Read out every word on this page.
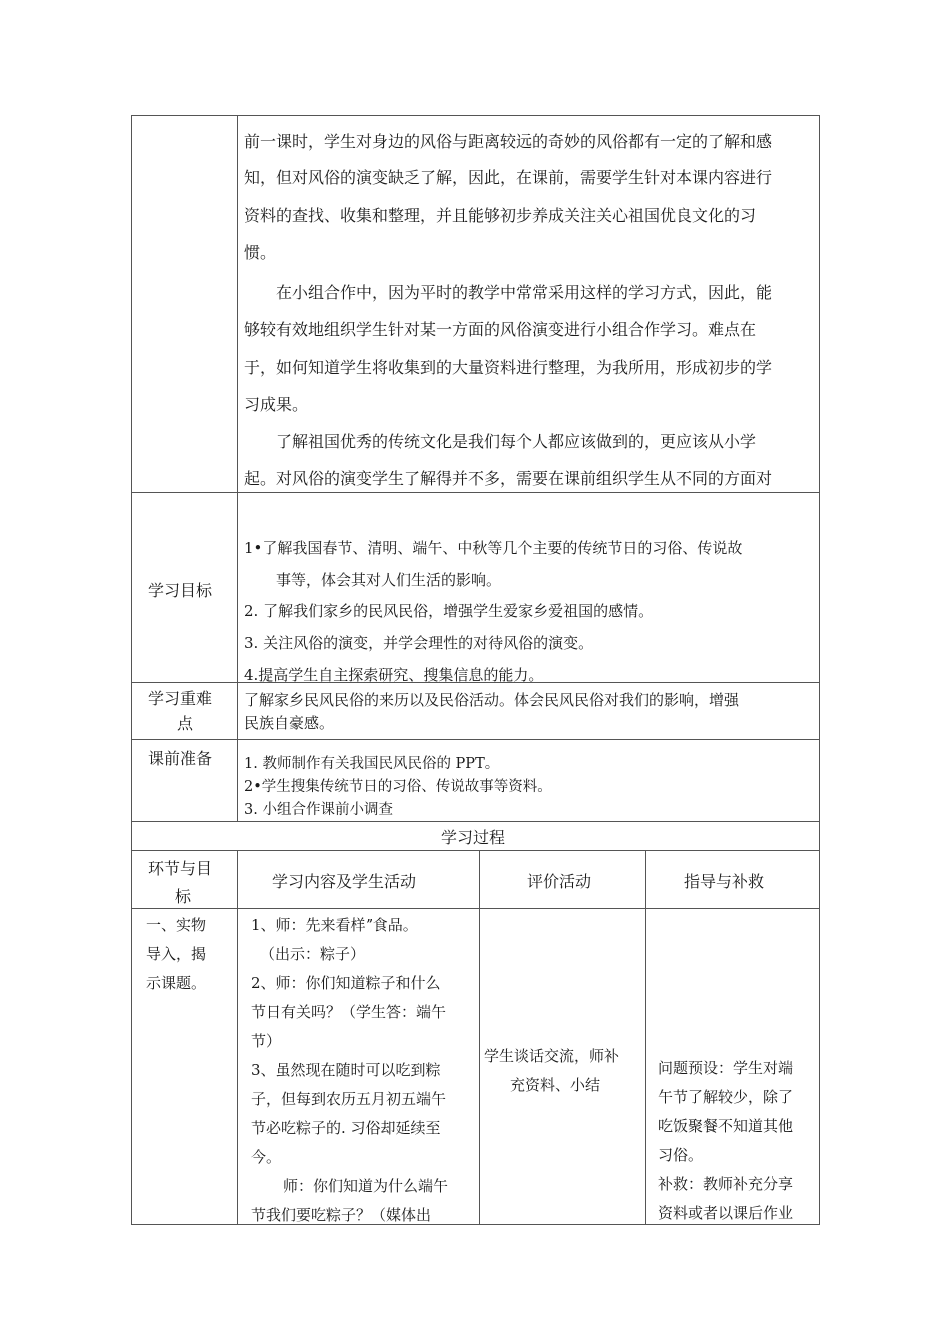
前一课时，学生对身边的风俗与距离较远的奇妙的风俗都有一定的了解和感
知，但对风俗的演变缺乏了解，因此，在课前，需要学生针对本课内容进行
资料的查找、收集和整理，并且能够初步养成关注关心祖国优良文化的习
惯。
在小组合作中，因为平时的教学中常常采用这样的学习方式，因此，能
够较有效地组织学生针对某一方面的风俗演变进行小组合作学习。难点在
于，如何知道学生将收集到的大量资料进行整理，为我所用，形成初步的学
习成果。
了解祖国优秀的传统文化是我们每个人都应该做到的，更应该从小学
起。对风俗的演变学生了解得并不多，需要在课前组织学生从不同的方面对
学习目标
1•了解我国春节、清明、端午、中秋等几个主要的传统节日的习俗、传说故
事等，体会其对人们生活的影响。
2. 了解我们家乡的民风民俗，增强学生爱家乡爱祖国的感情。
3. 关注风俗的演变，并学会理性的对待风俗的演变。
4.提高学生自主探索研究、搜集信息的能力。
学习重难
点
了解家乡民风民俗的来历以及民俗活动。体会民风民俗对我们的影响，增强
民族自豪感。
课前准备 1. 教师制作有关我国民风民俗的 PPT。
2•学生搜集传统节日的习俗、传说故事等资料。
3. 小组合作课前小调查
学习过程
环节与目
标
学习内容及学生活动	评价活动	指导与补救
一、实物
导入，揭
示课题。
1、师：先来看样ˮ食品。
（出示：粽子）
2、师：你们知道粽子和什么
节日有关吗？（学生答：端午
节）
3、虽然现在随时可以吃到粽
子，但每到农历五月初五端午
节必吃粽子的. 习俗却延续至
今。
师：你们知道为什么端午
节我们要吃粽子？（媒体出
学生谈话交流，师补
充资料、小结
问题预设：学生对端
午节了解较少，除了
吃饭聚餐不知道其他
习俗。
补救：教师补充分享
资料或者以课后作业
